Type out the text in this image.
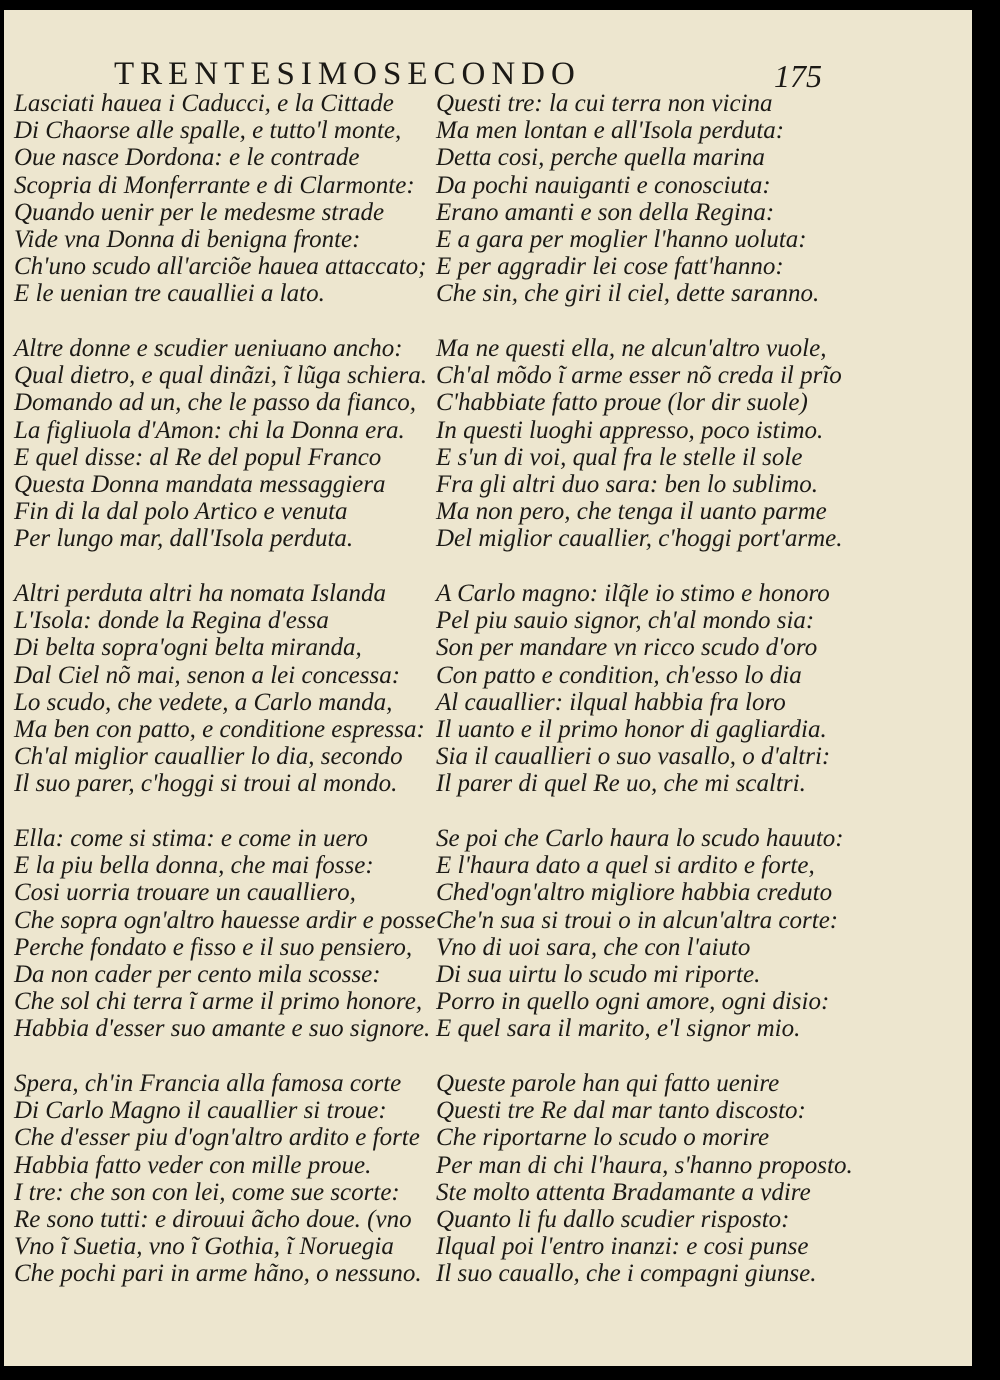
TRENTESIMOSECONDO	175
Lasciati hauea i Caducci, e la Cittade
Di Chaorse alle spalle, e tutto'l monte,
Oue nasce Dordona: e le contrade
Scopria di Monferrante e di Clarmonte:
Quando uenir per le medesme strade
Vide vna Donna di benigna fronte:
Ch'uno scudo all'arciõe hauea attaccato;
E le uenian tre caualliei a lato.
Altre donne e scudier ueniuano ancho:
Qual dietro, e qual dinãzi, ĩ lũga schiera.
Domando ad un, che le passo da fianco,
La figliuola d'Amon: chi la Donna era.
E quel disse: al Re del popul Franco
Questa Donna mandata messaggiera
Fin di la dal polo Artico e venuta
Per lungo mar, dall'Isola perduta.
Altri perduta altri ha nomata Islanda
L'Isola: donde la Regina d'essa
Di belta sopra'ogni belta miranda,
Dal Ciel nõ mai, senon a lei concessa:
Lo scudo, che vedete, a Carlo manda,
Ma ben con patto, e conditione espressa:
Ch'al miglior cauallier lo dia, secondo
Il suo parer, c'hoggi si troui al mondo.
Ella: come si stima: e come in uero
E la piu bella donna, che mai fosse:
Cosi uorria trouare un cauallierο,
Che sopra ogn'altro hauesse ardir e posse
Perche fondato e fisso e il suo pensiero,
Da non cader per cento mila scosse:
Che sol chi terra ĩ arme il primo honore,
Habbia d'esser suo amante e suo signore.
Spera, ch'in Francia alla famosa corte
Di Carlo Magno il cauallier si troue:
Che d'esser piu d'ogn'altro ardito e forte
Habbia fatto veder con mille proue.
I tre: che son con lei, come sue scorte:
Re sono tutti: e dirouui ãcho doue. (vno
Vno ĩ Suetia, vno ĩ Gothia, ĩ Noruegia
Che pochi pari in arme hãno, o nessuno.
Questi tre: la cui terra non vicina
Ma men lontan e all'Isola perduta:
Detta cosi, perche quella marina
Da pochi nauiganti e conosciuta:
Erano amanti e son della Regina:
E a gara per moglier l'hanno uoluta:
E per aggradir lei cose fatt'hanno:
Che sin, che giri il ciel, dette saranno.
Ma ne questi ella, ne alcun'altro vuole,
Ch'al mõdo ĩ arme esser nõ creda il prĩo
C'habbiate fatto proue (lor dir suole)
In questi luoghi appresso, poco istimo.
E s'un di voi, qual fra le stelle il sole
Fra gli altri duo sara: ben lo sublimo.
Ma non pero, che tenga il uanto parme
Del miglior cauallier, c'hoggi port'arme.
A Carlo magno: ilq̃le io stimo e honoro
Pel piu sauio signor, ch'al mondo sia:
Son per mandare vn ricco scudo d'oro
Con patto e condition, ch'esso lo dia
Al cauallier: ilqual habbia fra loro
Il uanto e il primo honor di gagliardia.
Sia il cauallieri o suo vasallo, o d'altri:
Il parer di quel Re uo, che mi scaltri.
Se poi che Carlo haura lo scudo hauuto:
E l'haura dato a quel si ardito e forte,
Ched'ogn'altro migliore habbia creduto
Che'n sua si troui o in alcun'altra corte:
Vno di uoi sara, che con l'aiuto
Di sua uirtu lo scudo mi riporte.
Porro in quello ogni amore, ogni disio:
E quel sara il marito, e'l signor mio.
Queste parole han qui fatto uenire
Questi tre Re dal mar tanto discosto:
Che riportarne lo scudo o morire
Per man di chi l'haura, s'hanno proposto.
Ste molto attenta Bradamante a vdire
Quanto li fu dallo scudier risposto:
Ilqual poi l'entro inanzi: e cosi punse
Il suo cauallo, che i compagni giunse.
